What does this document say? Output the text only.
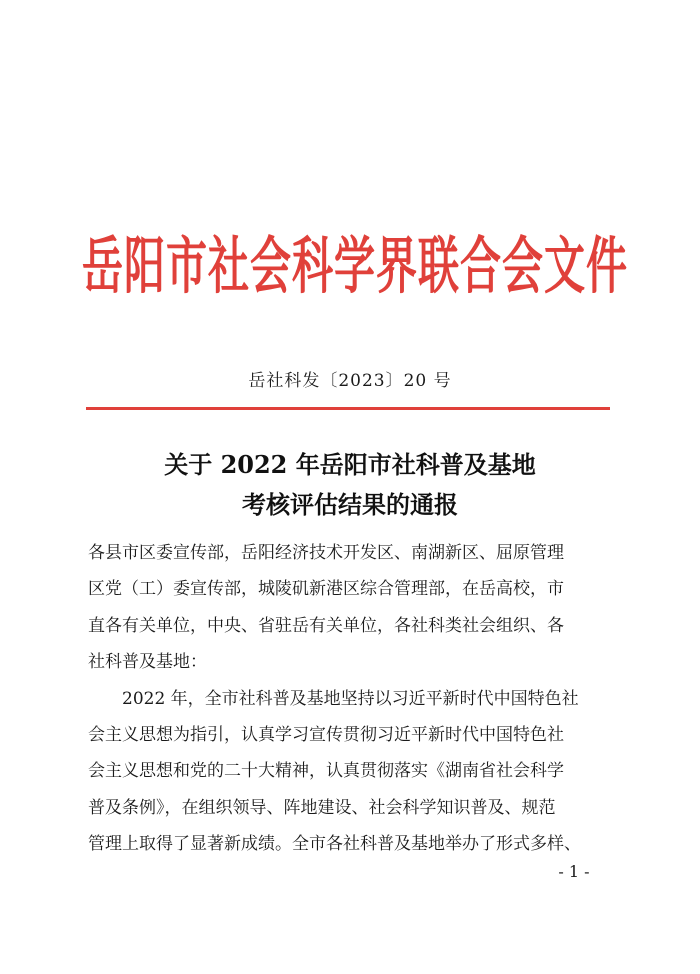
岳阳市社会科学界联合会文件
岳社科发〔2023〕20 号
关于 2022 年岳阳市社科普及基地
考核评估结果的通报
各县市区委宣传部，岳阳经济技术开发区、南湖新区、屈原管理
区党（工）委宣传部，城陵矶新港区综合管理部，在岳高校，市
直各有关单位，中央、省驻岳有关单位，各社科类社会组织、各
社科普及基地：
2022 年，全市社科普及基地坚持以习近平新时代中国特色社
会主义思想为指引，认真学习宣传贯彻习近平新时代中国特色社
会主义思想和党的二十大精神，认真贯彻落实《湖南省社会科学
普及条例》，在组织领导、阵地建设、社会科学知识普及、规范
管理上取得了显著新成绩。全市各社科普及基地举办了形式多样、
- 1 -
